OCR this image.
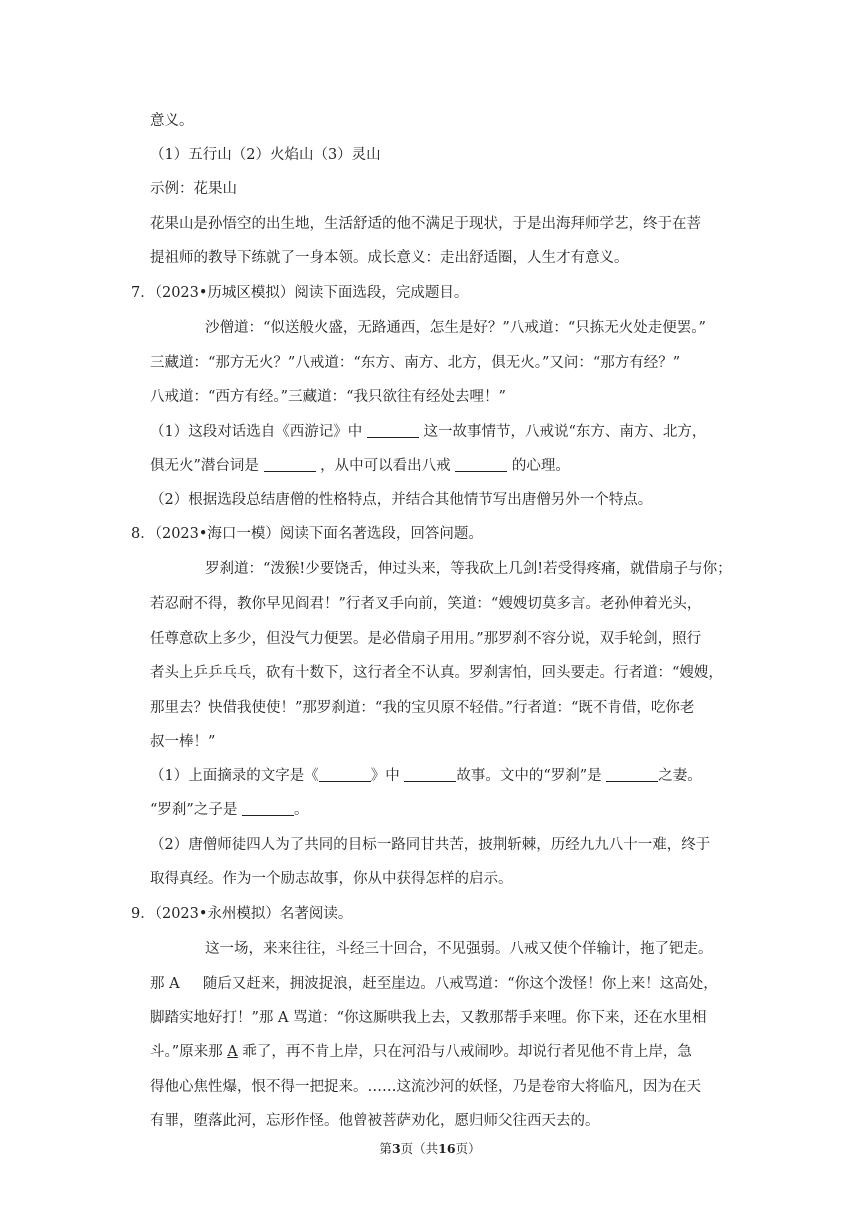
意义。
（1）五行山（2）火焰山（3）灵山
示例：花果山
花果山是孙悟空的出生地，生活舒适的他不满足于现状，于是出海拜师学艺，终于在菩
提祖师的教导下练就了一身本领。成长意义：走出舒适圈，人生才有意义。
7．（2023•历城区模拟）阅读下面选段，完成题目。
沙僧道：“似送般火盛，无路通西，怎生是好？”八戒道：“只拣无火处走便罢。”
三藏道：“那方无火？”八戒道：“东方、南方、北方，俱无火。”又问：“那方有经？”
八戒道：“西方有经。”三藏道：“我只欲往有经处去哩！”
（1）这段对话选自《西游记》中	这一故事情节，八戒说“东方、南方、北方，
俱无火”潜台词是	，从中可以看出八戒	的心理。
（2）根据选段总结唐僧的性格特点，并结合其他情节写出唐僧另外一个特点。
8．（2023•海口一模）阅读下面名著选段，回答问题。
罗刹道：“泼猴!少要饶舌，伸过头来，等我砍上几剑!若受得疼痛，就借扇子与你；
若忍耐不得，教你早见阎君！”行者叉手向前，笑道：“嫂嫂切莫多言。老孙伸着光头，
任尊意砍上多少，但没气力便罢。是必借扇子用用。”那罗刹不容分说，双手轮剑，照行
者头上乒乒乓乓，砍有十数下，这行者全不认真。罗刹害怕，回头要走。行者道：“嫂嫂，
那里去？快借我使使！”那罗刹道：“我的宝贝原不轻借。”行者道：“既不肯借，吃你老
叔一棒！”
（1）上面摘录的文字是《	》中	故事。文中的“罗刹”是	之妻。
“罗刹”之子是	。
（2）唐僧师徒四人为了共同的目标一路同甘共苦，披荆斩棘，历经九九八十一难，终于
取得真经。作为一个励志故事，你从中获得怎样的启示。
9．（2023•永州模拟）名著阅读。
这一场，来来往往，斗经三十回合，不见强弱。八戒又使个佯输计，拖了钯走。
那 A 随后又赶来，拥波捉浪，赶至崖边。八戒骂道：“你这个泼怪！你上来！这高处，
脚踏实地好打！”那 A 骂道：“你这厮哄我上去，又教那帮手来哩。你下来，还在水里相
斗。”原来那 A 乖了，再不肯上岸，只在河沿与八戒闹吵。却说行者见他不肯上岸，急
得他心焦性爆，恨不得一把捉来。……这流沙河的妖怪，乃是卷帘大将临凡，因为在天
有罪，堕落此河，忘形作怪。他曾被菩萨劝化，愿归师父往西天去的。
第3页（共16页）
